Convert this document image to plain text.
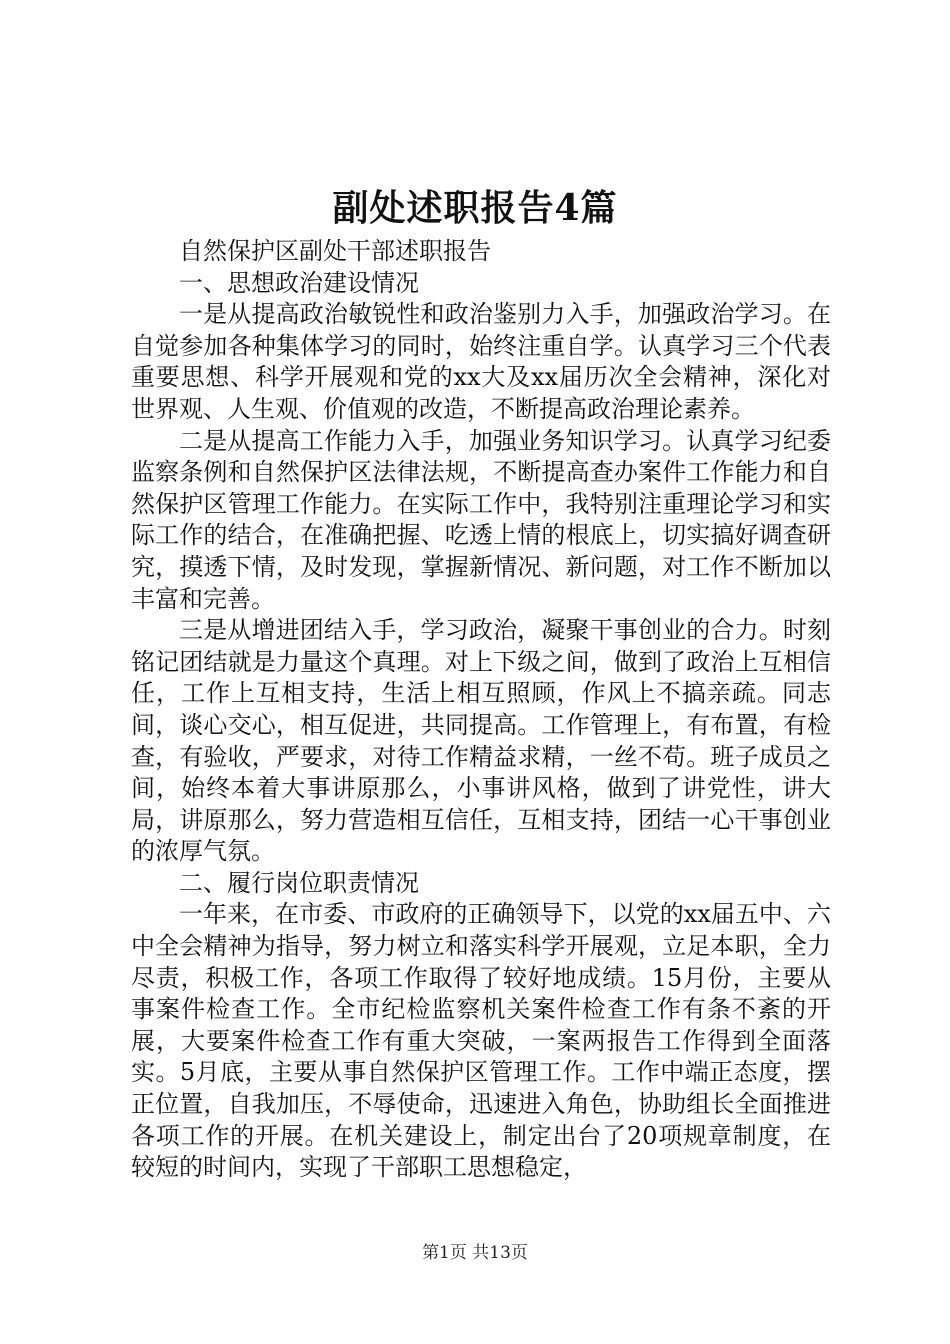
副处述职报告4篇

自然保护区副处干部述职报告

一、思想政治建设情况

一是从提高政治敏锐性和政治鉴别力入手，加强政治学习。在自觉参加各种集体学习的同时，始终注重自学。认真学习三个代表重要思想、科学开展观和党的xx大及xx届历次全会精神，深化对世界观、人生观、价值观的改造，不断提高政治理论素养。

二是从提高工作能力入手，加强业务知识学习。认真学习纪委监察条例和自然保护区法律法规，不断提高查办案件工作能力和自然保护区管理工作能力。在实际工作中，我特别注重理论学习和实际工作的结合，在准确把握、吃透上情的根底上，切实搞好调查研究，摸透下情，及时发现，掌握新情况、新问题，对工作不断加以丰富和完善。

三是从增进团结入手，学习政治，凝聚干事创业的合力。时刻铭记团结就是力量这个真理。对上下级之间，做到了政治上互相信任，工作上互相支持，生活上相互照顾，作风上不搞亲疏。同志间，谈心交心，相互促进，共同提高。工作管理上，有布置，有检查，有验收，严要求，对待工作精益求精，一丝不苟。班子成员之间，始终本着大事讲原那么，小事讲风格，做到了讲党性，讲大局，讲原那么，努力营造相互信任，互相支持，团结一心干事创业的浓厚气氛。

二、履行岗位职责情况

一年来，在市委、市政府的正确领导下，以党的xx届五中、六中全会精神为指导，努力树立和落实科学开展观，立足本职，全力尽责，积极工作，各项工作取得了较好地成绩。15月份，主要从事案件检查工作。全市纪检监察机关案件检查工作有条不紊的开展，大要案件检查工作有重大突破，一案两报告工作得到全面落实。5月底，主要从事自然保护区管理工作。工作中端正态度，摆正位置，自我加压，不辱使命，迅速进入角色，协助组长全面推进各项工作的开展。在机关建设上，制定出台了20项规章制度，在较短的时间内，实现了干部职工思想稳定，

第1页 共13页
